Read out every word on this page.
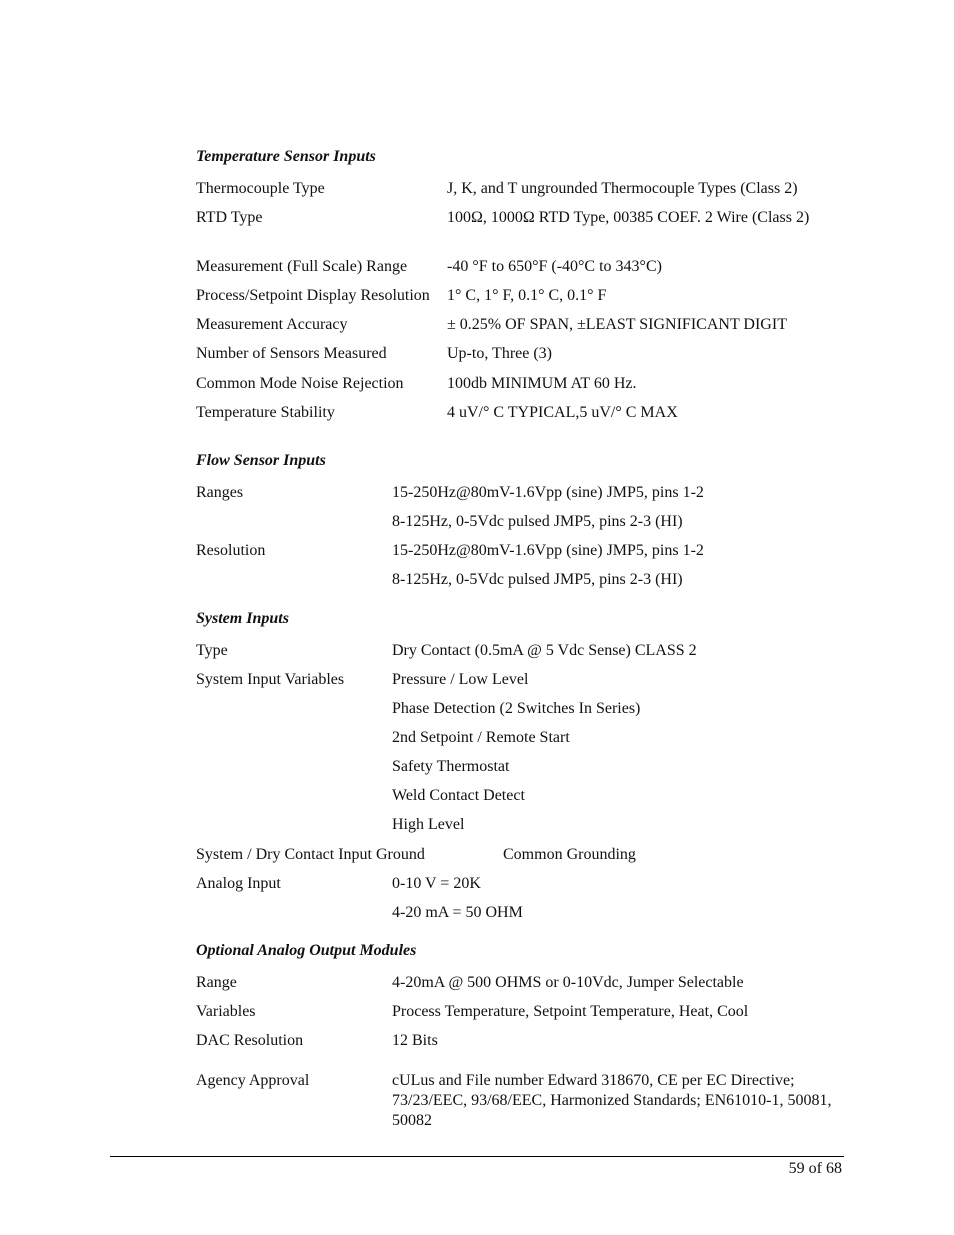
Temperature Sensor Inputs
Thermocouple Type	J, K, and T ungrounded Thermocouple Types (Class 2)
RTD Type	100Ω, 1000Ω RTD Type, 00385 COEF. 2 Wire (Class 2)
Measurement (Full Scale) Range -40 °F to 650°F (-40°C to 343°C)
Process/Setpoint Display Resolution 1° C, 1° F, 0.1° C, 0.1° F
Measurement Accuracy	± 0.25% OF SPAN, ±LEAST SIGNIFICANT DIGIT
Number of Sensors Measured	Up-to, Three (3)
Common Mode Noise Rejection	100db MINIMUM AT 60 Hz.
Temperature Stability	4 uV/° C TYPICAL,5 uV/° C MAX
Flow Sensor Inputs
Ranges	15-250Hz@80mV-1.6Vpp (sine) JMP5, pins 1-2
8-125Hz, 0-5Vdc pulsed JMP5, pins 2-3 (HI)
Resolution	15-250Hz@80mV-1.6Vpp (sine) JMP5, pins 1-2
8-125Hz, 0-5Vdc pulsed JMP5, pins 2-3 (HI)
System Inputs
Type	Dry Contact (0.5mA @ 5 Vdc Sense) CLASS 2
System Input Variables	Pressure / Low Level
Phase Detection (2 Switches In Series)
2nd Setpoint / Remote Start
Safety Thermostat
Weld Contact Detect
High Level
System / Dry Contact Input Ground	Common Grounding
Analog Input	0-10 V = 20K
4-20 mA = 50 OHM
Optional Analog Output Modules
Range	4-20mA @ 500 OHMS or 0-10Vdc, Jumper Selectable
Variables	Process Temperature, Setpoint Temperature, Heat, Cool
DAC Resolution	12 Bits
Agency Approval	cULus and File number Edward 318670, CE per EC Directive; 73/23/EEC, 93/68/EEC, Harmonized Standards; EN61010-1, 50081, 50082
59 of 68
